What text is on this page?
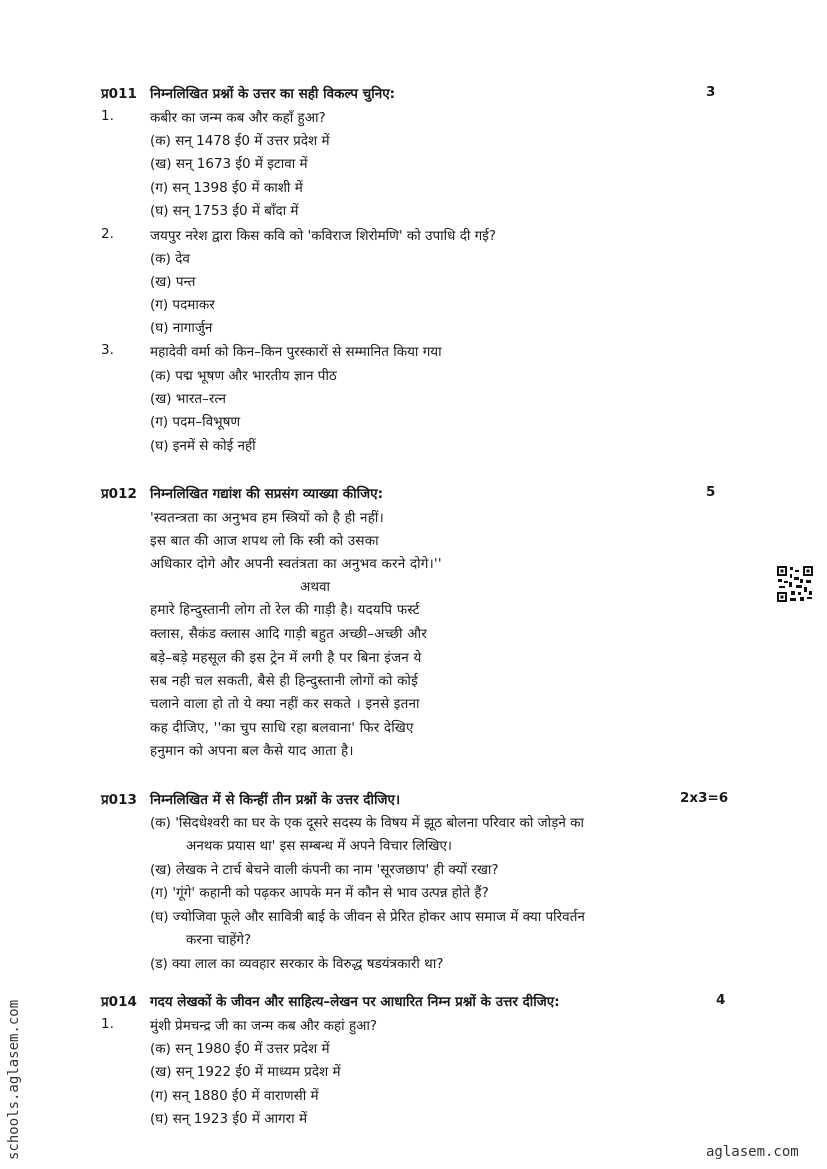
प्र011 निम्नलिखित प्रश्नों के उत्तर का सही विकल्प चुनिए:	3
1.	कबीर का जन्म कब और कहाँ हुआ?
(क) सन् 1478 ई0 में उत्तर प्रदेश में
(ख) सन् 1673 ई0 में इटावा में
(ग) सन् 1398 ई0 में काशी में
(घ) सन् 1753 ई0 में बाँदा में
2.	जयपुर नरेश द्वारा किस कवि को 'कविराज शिरोमणि' को उपाधि दी गई?
(क) देव
(ख) पन्त
(ग) पदमाकर
(घ) नागार्जुन
3.	महादेवी वर्मा को किन–किन पुरस्कारों से सम्मानित किया गया
(क) पद्म भूषण और भारतीय ज्ञान पीठ
(ख) भारत–रत्न
(ग) पदम–विभूषण
(घ) इनमें से कोई नहीं
प्र012 निम्नलिखित गद्यांश की सप्रसंग व्याख्या कीजिए:	5
'स्वतन्त्रता का अनुभव हम स्त्रियों को है ही नहीं।
इस बात की आज शपथ लो कि स्त्री को उसका
अधिकार दोगे और अपनी स्वतंत्रता का अनुभव करने दोगे।''
अथवा
हमारे हिन्दुस्तानी लोग तो रेल की गाड़ी है। यदयपि फर्स्ट
क्लास, सैकंड क्लास आदि गाड़ी बहुत अच्छी–अच्छी और
बड़े–बड़े महसूल की इस ट्रेन में लगी है पर बिना इंजन ये
सब नही चल सकती, बैसे ही हिन्दुस्तानी लोगों को कोई
चलाने वाला हो तो ये क्या नहीं कर सकते । इनसे इतना
कह दीजिए, ''का चुप साधि रहा बलवाना' फिर देखिए
हनुमान को अपना बल कैसे याद आता है।
प्र013 निम्नलिखित में से किन्हीं तीन प्रश्नों के उत्तर दीजिए।	2x3=6
(क) 'सिदधेश्वरी का घर के एक दूसरे सदस्य के विषय में झूठ बोलना परिवार को जोड़ने का
अनथक प्रयास था' इस सम्बन्ध में अपने विचार लिखिए।
(ख) लेखक ने टार्च बेचने वाली कंपनी का नाम 'सूरजछाप' ही क्यों रखा?
(ग) 'गूंगे' कहानी को पढ़कर आपके मन में कौन से भाव उत्पन्न होते हैं?
(घ) ज्योजिवा फूले और सावित्री बाई के जीवन से प्रेरित होकर आप समाज में क्या परिवर्तन
करना चाहेंगे?
(ड) क्या लाल का व्यवहार सरकार के विरुद्ध षडयंत्रकारी था?
प्र014 गदय लेखकों के जीवन और साहित्य–लेखन पर आधारित निम्न प्रश्नों के उत्तर दीजिए:	4
1.	मुंशी प्रेमचन्द्र जी का जन्म कब और कहां हुआ?
(क) सन् 1980 ई0 में उत्तर प्रदेश में
(ख) सन् 1922 ई0 में माध्यम प्रदेश में
(ग) सन् 1880 ई0 में वाराणसी में
(घ) सन् 1923 ई0 में आगरा में
schools.aglasem.com	aglasem.com
